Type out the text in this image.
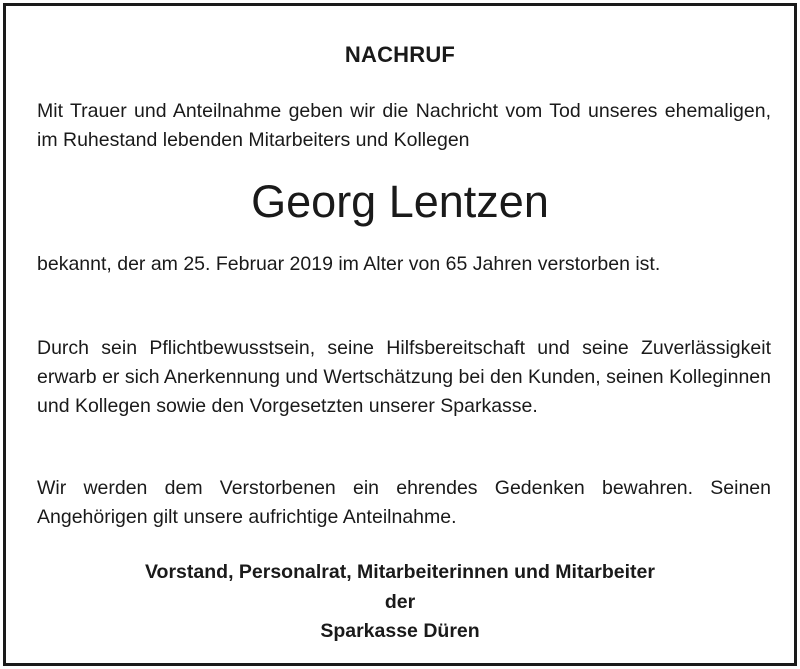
NACHRUF
Mit Trauer und Anteilnahme geben wir die Nachricht vom Tod unseres ehemaligen, im Ruhestand lebenden Mitarbeiters und Kollegen
Georg Lentzen
bekannt, der am 25. Februar 2019 im Alter von 65 Jahren verstorben ist.
Durch sein Pflichtbewusstsein, seine Hilfsbereitschaft und seine Zuverlässigkeit erwarb er sich Anerkennung und Wertschätzung bei den Kunden, seinen Kolleginnen und Kollegen sowie den Vorgesetzten unserer Sparkasse.
Wir werden dem Verstorbenen ein ehrendes Gedenken bewahren. Seinen Angehörigen gilt unsere aufrichtige Anteilnahme.
Vorstand, Personalrat, Mitarbeiterinnen und Mitarbeiter
der
Sparkasse Düren
